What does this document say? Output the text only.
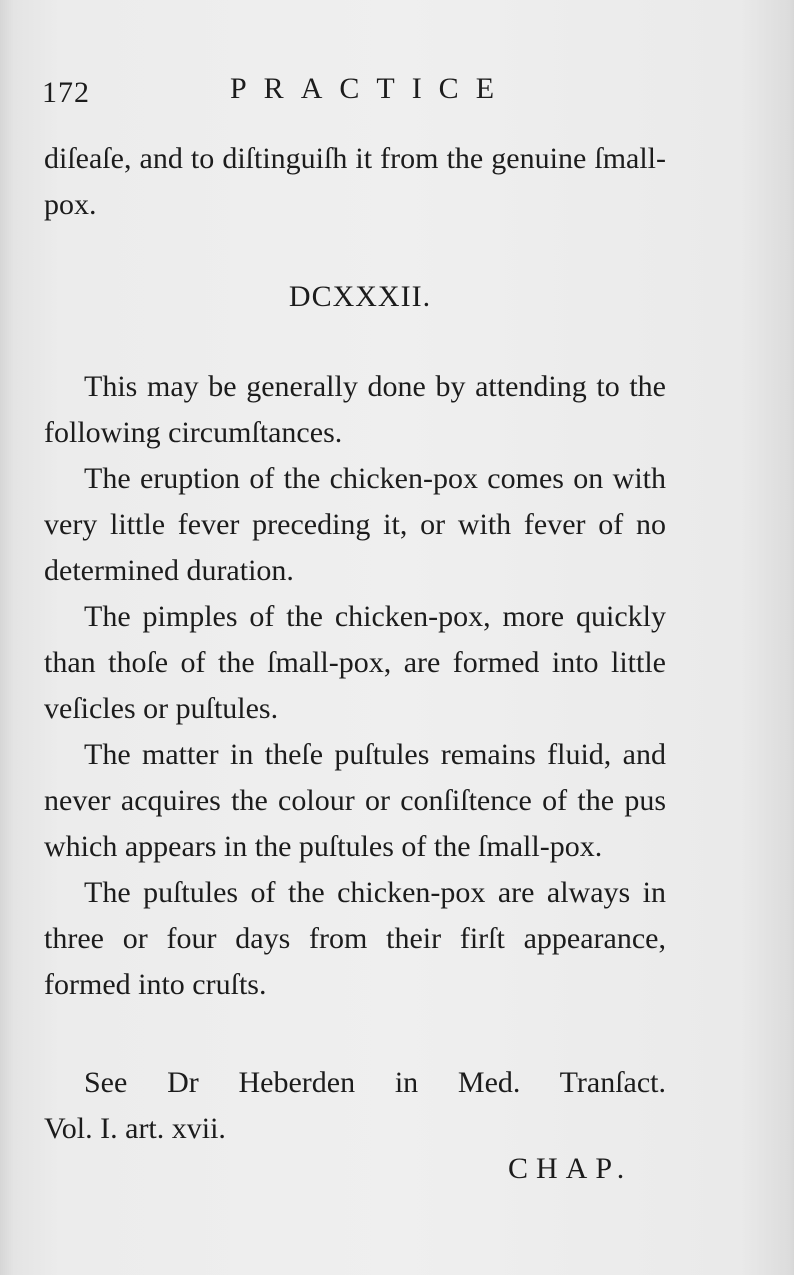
172	PRACTICE

diſeaſe, and to diſtinguiſh it from the genuine ſmall-pox.

DCXXXII.

This may be generally done by attending to the following circumſtances.

The eruption of the chicken-pox comes on with very little fever preceding it, or with fever of no determined duration.

The pimples of the chicken-pox, more quickly than thoſe of the ſmall-pox, are formed into little veſicles or puſtules.

The matter in theſe puſtules remains fluid, and never acquires the colour or conſiſtence of the pus which appears in the puſtules of the ſmall-pox.

The puſtules of the chicken-pox are always in three or four days from their firſt appearance, formed into cruſts.

See Dr Heberden in Med. Tranſact.
Vol. I. art. xvii.
CHAP.
